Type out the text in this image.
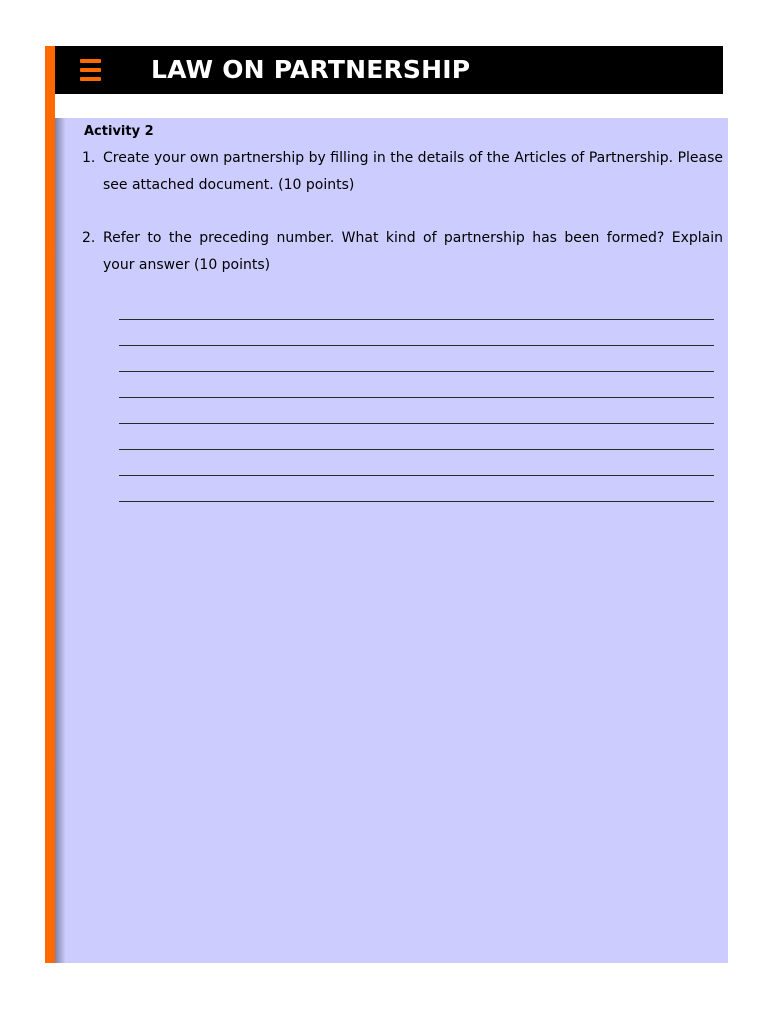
LAW ON PARTNERSHIP
Activity 2
1. Create your own partnership by filling in the details of the Articles of Partnership. Please see attached document. (10 points)
2. Refer to the preceding number. What kind of partnership has been formed? Explain your answer (10 points)
